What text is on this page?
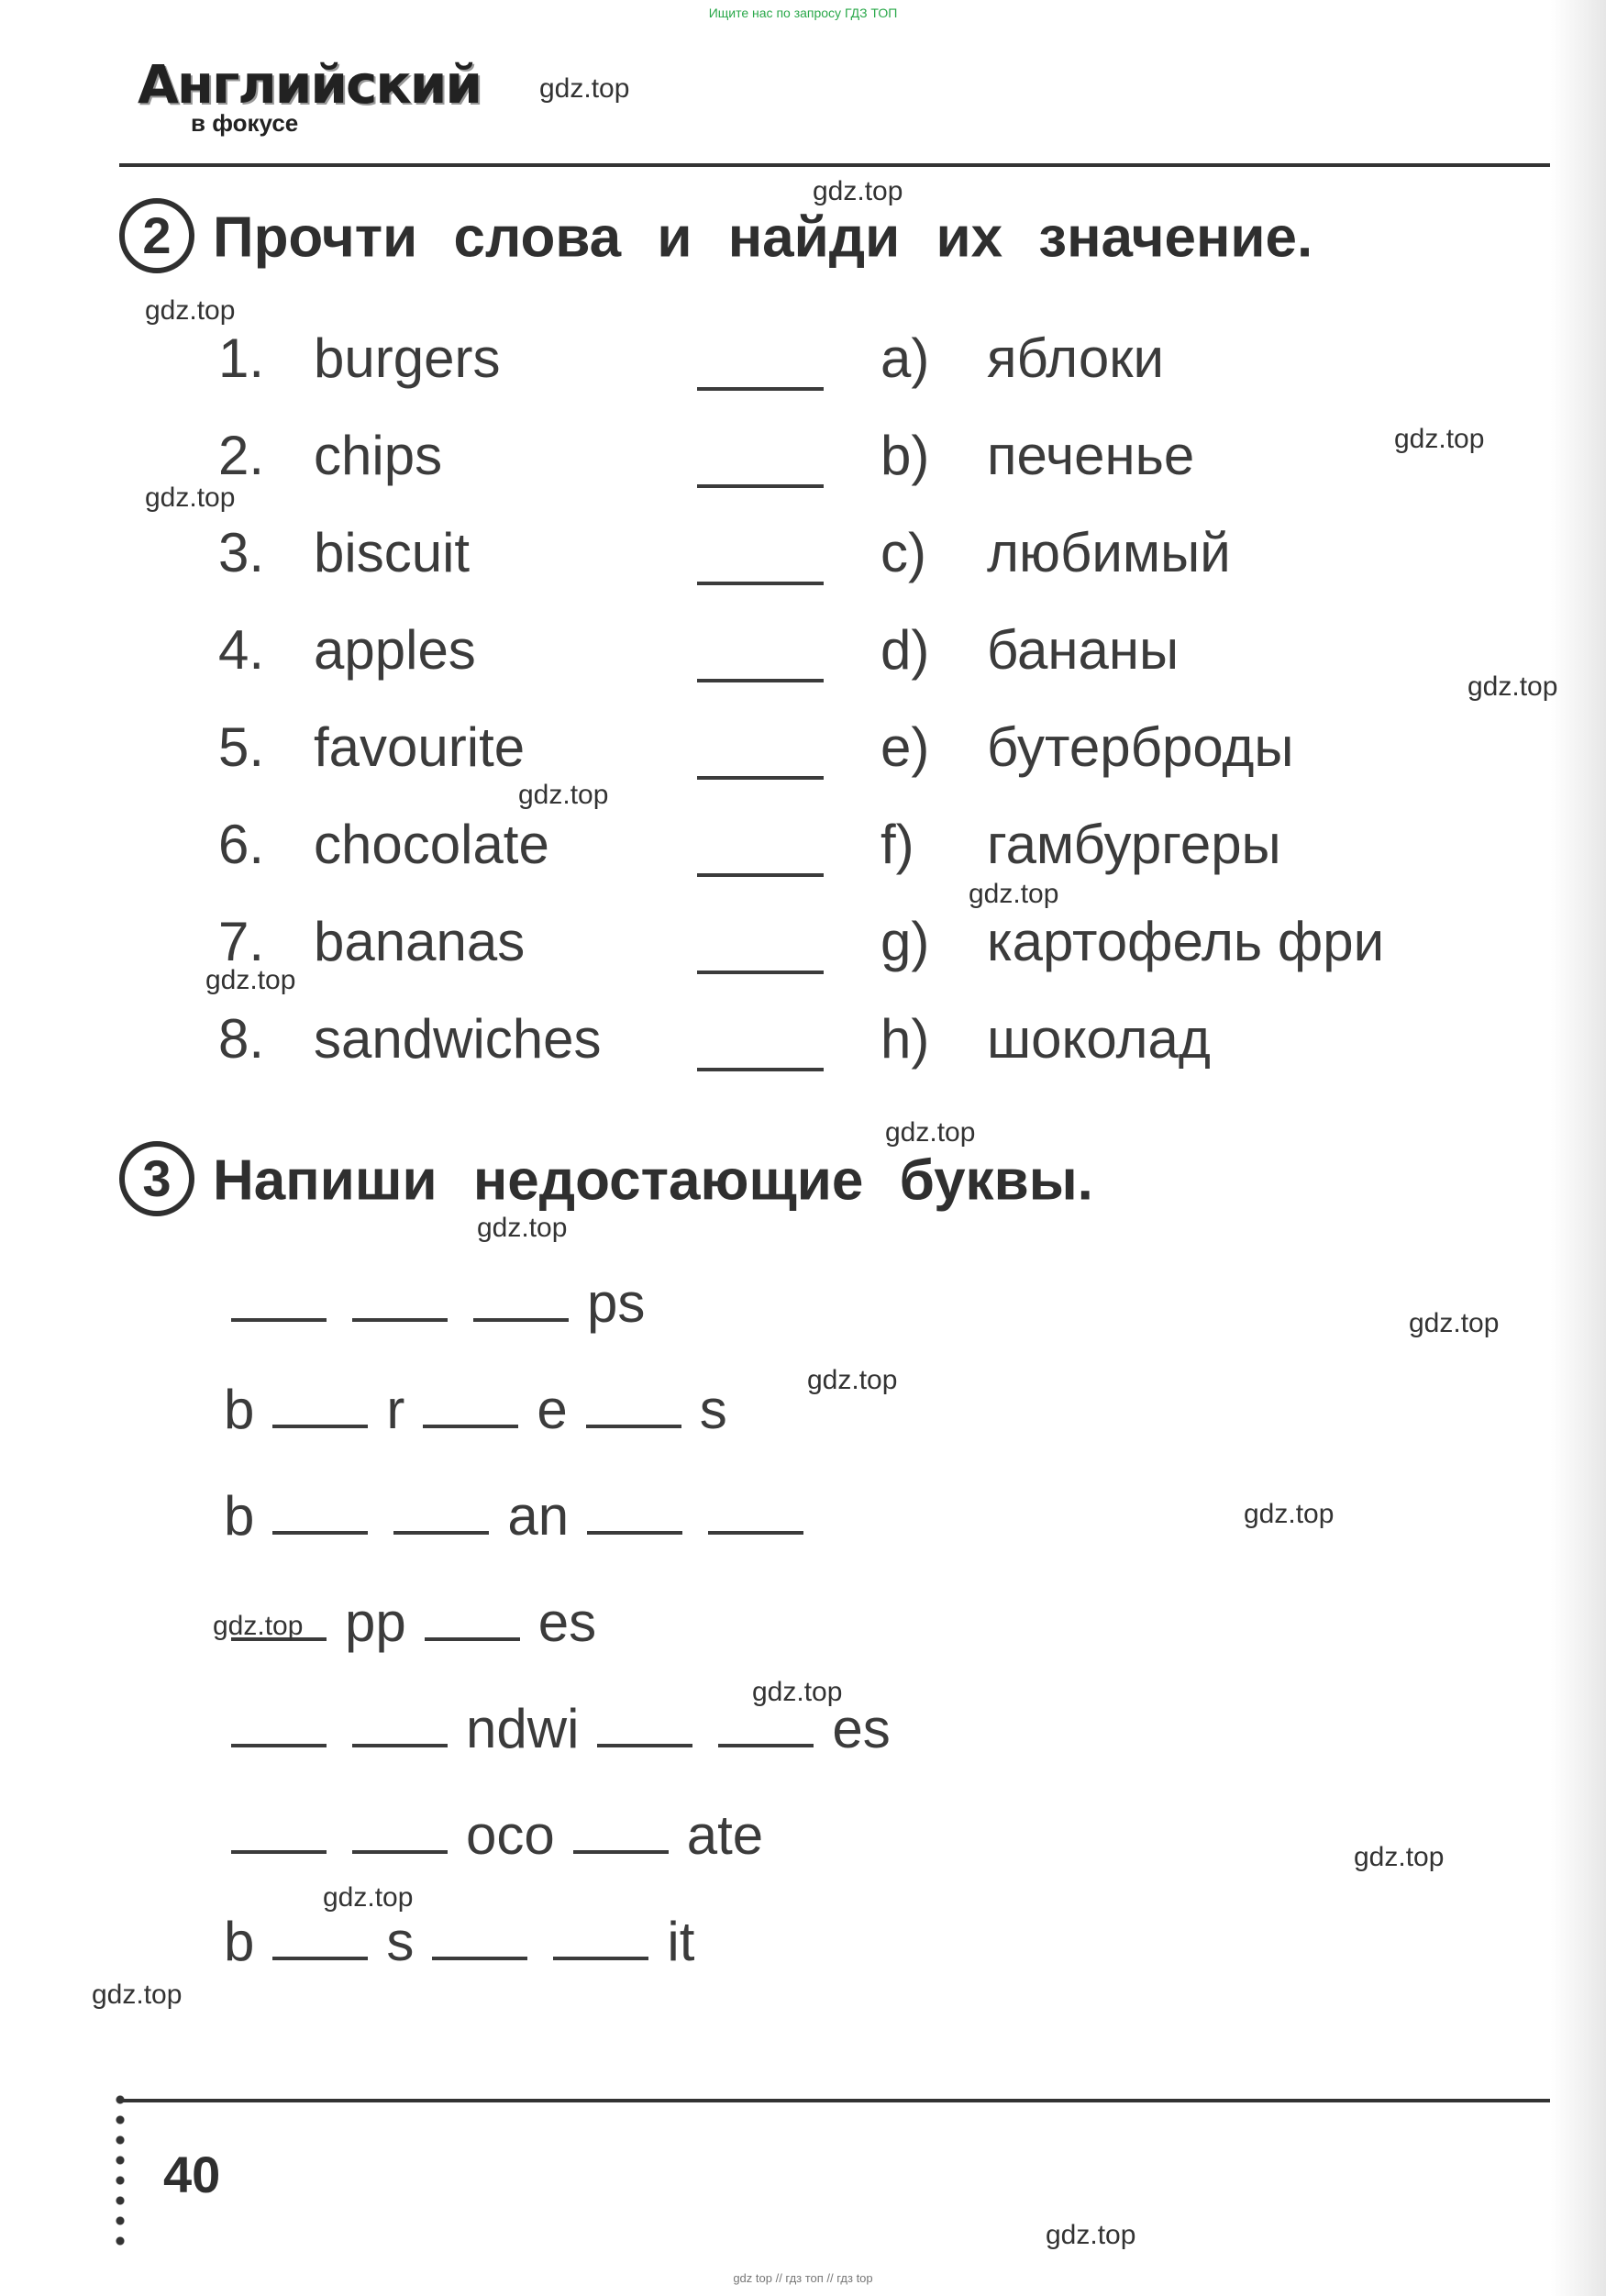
Ищите нас по запросу ГДЗ ТОП
Английский
в фокусе
2 Прочти слова и найди их значение.
1. burgers	a) яблоки
2. chips	b) печенье
3. biscuit	c) любимый
4. apples	d) бананы
5. favourite	e) бутерброды
6. chocolate	f) гамбургеры
7. bananas	g) картофель фри
8. sandwiches	h) шоколад
3 Напиши недостающие буквы.
ps
b r e s
b	an
pp es
ndwi	es
oco ate
b s	it
40
gdz.top
gdz.top
gdz.top
gdz.top
gdz.top
gdz.top
gdz.top
gdz.top
gdz.top
gdz.top
gdz.top
gdz.top
gdz.top
gdz.top
gdz.top
gdz.top
gdz.top
gdz.top
gdz.top
gdz.top
gdz top // гдз топ // гдз top
